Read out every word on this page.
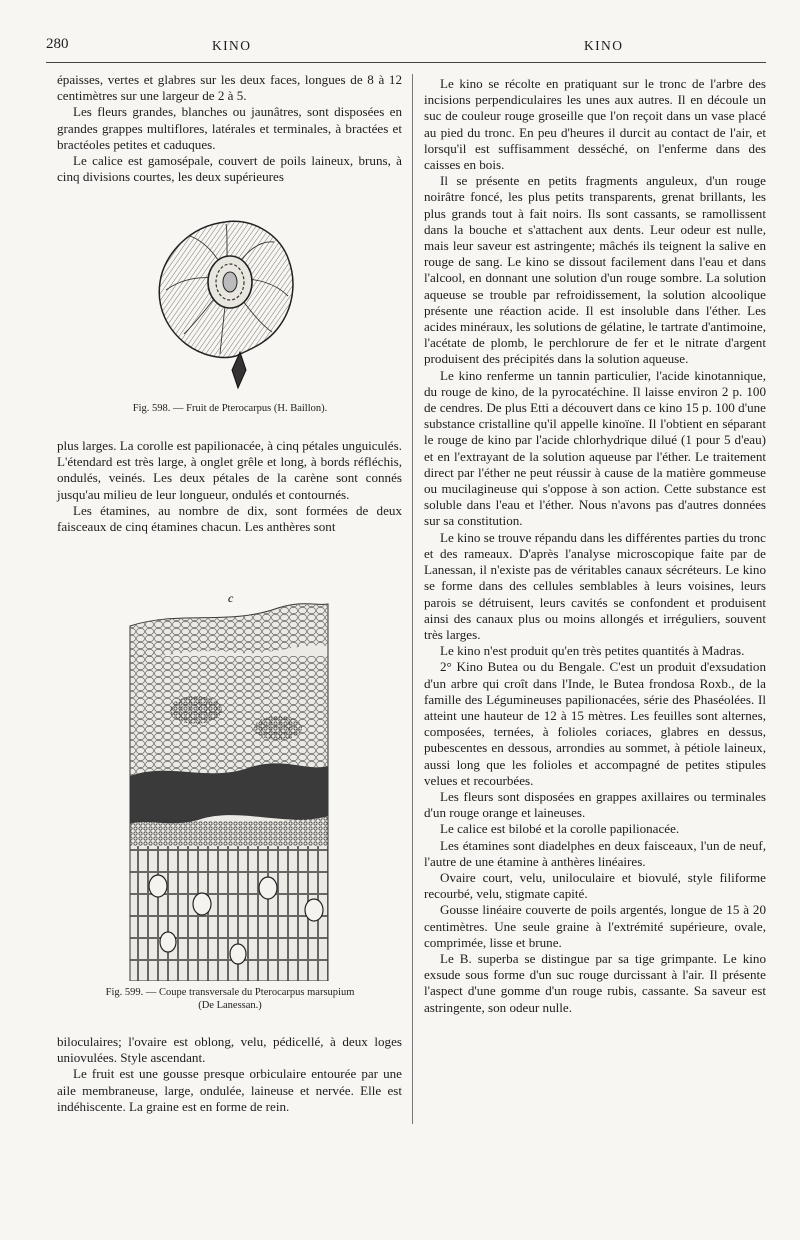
280	KINO	KINO

épaisses, vertes et glabres sur les deux faces, longues de 8 à 12 centimètres sur une largeur de 2 à 5.

Les fleurs grandes, blanches ou jaunâtres, sont disposées en grandes grappes multiflores, latérales et terminales, à bractées et bractéoles petites et caduques.

Le calice est gamosépale, couvert de poils laineux, bruns, à cinq divisions courtes, les deux supérieures

Fig. 598. — Fruit de Pterocarpus (H. Baillon).

plus larges. La corolle est papilionacée, à cinq pétales unguiculés. L'étendard est très large, à onglet grêle et long, à bords réfléchis, ondulés, veinés. Les deux pétales de la carène sont connés jusqu'au milieu de leur longueur, ondulés et contournés.

Les étamines, au nombre de dix, sont formées de deux faisceaux de cinq étamines chacun. Les anthères sont

c
Fig. 599. — Coupe transversale du Pterocarpus marsupium
(De Lanessan.)

biloculaires; l'ovaire est oblong, velu, pédicellé, à deux loges uniovulées. Style ascendant.

Le fruit est une gousse presque orbiculaire entourée par une aile membraneuse, large, ondulée, laineuse et nervée. Elle est indéhiscente. La graine est en forme de rein.

Le kino se récolte en pratiquant sur le tronc de l'arbre des incisions perpendiculaires les unes aux autres. Il en découle un suc de couleur rouge groseille que l'on reçoit dans un vase placé au pied du tronc. En peu d'heures il durcit au contact de l'air, et lorsqu'il est suffisamment desséché, on l'enferme dans des caisses en bois.

Il se présente en petits fragments anguleux, d'un rouge noirâtre foncé, les plus petits transparents, grenat brillants, les plus grands tout à fait noirs. Ils sont cassants, se ramollissent dans la bouche et s'attachent aux dents. Leur odeur est nulle, mais leur saveur est astringente; mâchés ils teignent la salive en rouge de sang. Le kino se dissout facilement dans l'eau et dans l'alcool, en donnant une solution d'un rouge sombre. La solution aqueuse se trouble par refroidissement, la solution alcoolique présente une réaction acide. Il est insoluble dans l'éther. Les acides minéraux, les solutions de gélatine, le tartrate d'antimoine, l'acétate de plomb, le perchlorure de fer et le nitrate d'argent produisent des précipités dans la solution aqueuse.

Le kino renferme un tannin particulier, l'acide kinotannique, du rouge de kino, de la pyrocatéchine. Il laisse environ 2 p. 100 de cendres. De plus Etti a découvert dans ce kino 15 p. 100 d'une substance cristalline qu'il appelle kinoïne. Il l'obtient en séparant le rouge de kino par l'acide chlorhydrique dilué (1 pour 5 d'eau) et en l'extrayant de la solution aqueuse par l'éther. Le traitement direct par l'éther ne peut réussir à cause de la matière gommeuse ou mucilagineuse qui s'oppose à son action. Cette substance est soluble dans l'eau et l'éther. Nous n'avons pas d'autres données sur sa constitution.

Le kino se trouve répandu dans les différentes parties du tronc et des rameaux. D'après l'analyse microscopique faite par de Lanessan, il n'existe pas de véritables canaux sécréteurs. Le kino se forme dans des cellules semblables à leurs voisines, leurs parois se détruisent, leurs cavités se confondent et produisent ainsi des canaux plus ou moins allongés et irréguliers, souvent très larges.

Le kino n'est produit qu'en très petites quantités à Madras.

2° Kino Butea ou du Bengale. C'est un produit d'exsudation d'un arbre qui croît dans l'Inde, le Butea frondosa Roxb., de la famille des Légumineuses papilionacées, série des Phaséolées. Il atteint une hauteur de 12 à 15 mètres. Les feuilles sont alternes, composées, ternées, à folioles coriaces, glabres en dessus, pubescentes en dessous, arrondies au sommet, à pétiole laineux, aussi long que les folioles et accompagné de petites stipules velues et recourbées.

Les fleurs sont disposées en grappes axillaires ou terminales d'un rouge orange et laineuses.

Le calice est bilobé et la corolle papilionacée.

Les étamines sont diadelphes en deux faisceaux, l'un de neuf, l'autre de une étamine à anthères linéaires.

Ovaire court, velu, uniloculaire et biovulé, style filiforme recourbé, velu, stigmate capité.

Gousse linéaire couverte de poils argentés, longue de 15 à 20 centimètres. Une seule graine à l'extrémité supérieure, ovale, comprimée, lisse et brune.

Le B. superba se distingue par sa tige grimpante. Le kino exsude sous forme d'un suc rouge durcissant à l'air. Il présente l'aspect d'une gomme d'un rouge rubis, cassante. Sa saveur est astringente, son odeur nulle.
